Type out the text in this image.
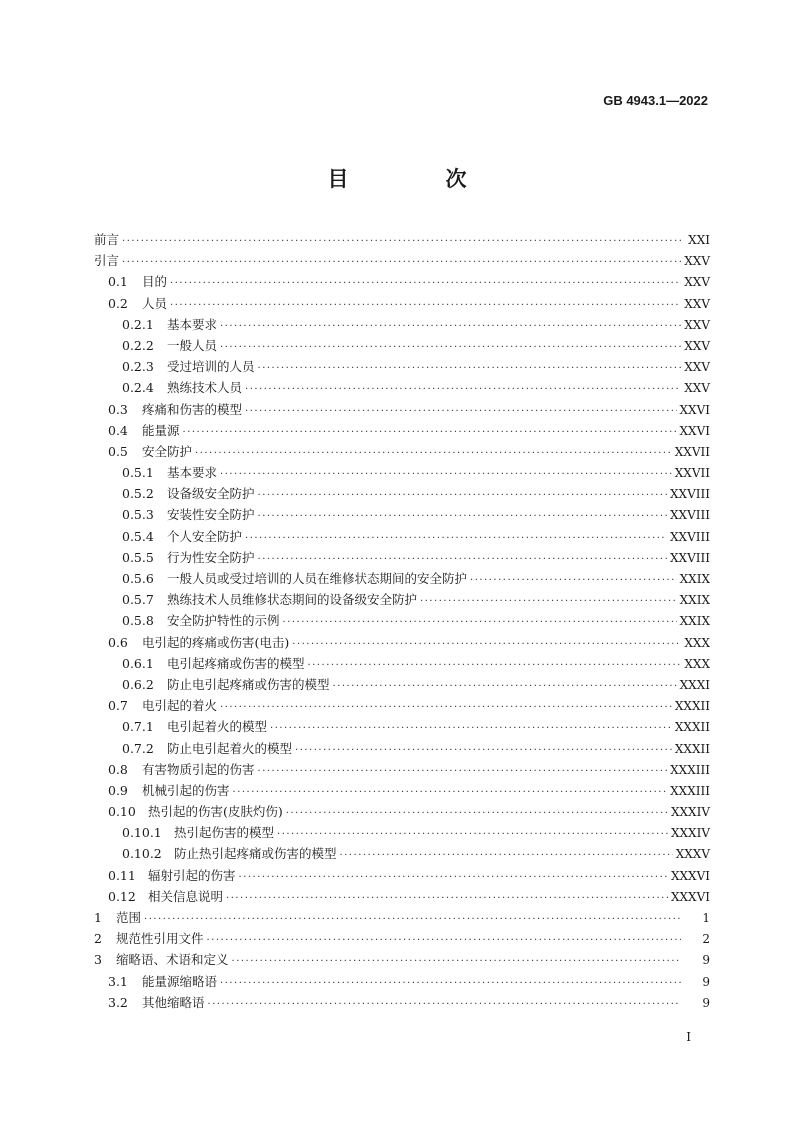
GB 4943.1—2022
目　次
前言 ·····	XXI
引言 ·····	XXV
0.1	目的 ·····	XXV
0.2	人员 ·····	XXV
0.2.1	基本要求 ·····	XXV
0.2.2	一般人员 ·····	XXV
0.2.3	受过培训的人员 ·····	XXV
0.2.4	熟练技术人员 ·····	XXV
0.3	疼痛和伤害的模型 ·····	XXVI
0.4	能量源 ·····	XXVI
0.5	安全防护 ·····	XXVII
0.5.1	基本要求 ·····	XXVII
0.5.2	设备级安全防护 ·····	XXVIII
0.5.3	安装性安全防护 ·····	XXVIII
0.5.4	个人安全防护 ·····	XXVIII
0.5.5	行为性安全防护 ·····	XXVIII
0.5.6	一般人员或受过培训的人员在维修状态期间的安全防护 ·····	XXIX
0.5.7	熟练技术人员维修状态期间的设备级安全防护 ·····	XXIX
0.5.8	安全防护特性的示例 ·····	XXIX
0.6	电引起的疼痛或伤害(电击) ·····	XXX
0.6.1	电引起疼痛或伤害的模型 ·····	XXX
0.6.2	防止电引起疼痛或伤害的模型 ·····	XXXI
0.7	电引起的着火 ·····	XXXII
0.7.1	电引起着火的模型 ·····	XXXII
0.7.2	防止电引起着火的模型 ·····	XXXII
0.8	有害物质引起的伤害 ·····	XXXIII
0.9	机械引起的伤害 ·····	XXXIII
0.10 热引起的伤害(皮肤灼伤) ·····	XXXIV
0.10.1 热引起伤害的模型 ·····	XXXIV
0.10.2 防止热引起疼痛或伤害的模型 ·····	XXXV
0.11 辐射引起的伤害 ·····	XXXVI
0.12 相关信息说明 ·····	XXXVI
1	范围 ·····	1
2	规范性引用文件 ·····	2
3	缩略语、术语和定义 ·····	9
3.1	能量源缩略语 ·····	9
3.2	其他缩略语 ·····	9
I
